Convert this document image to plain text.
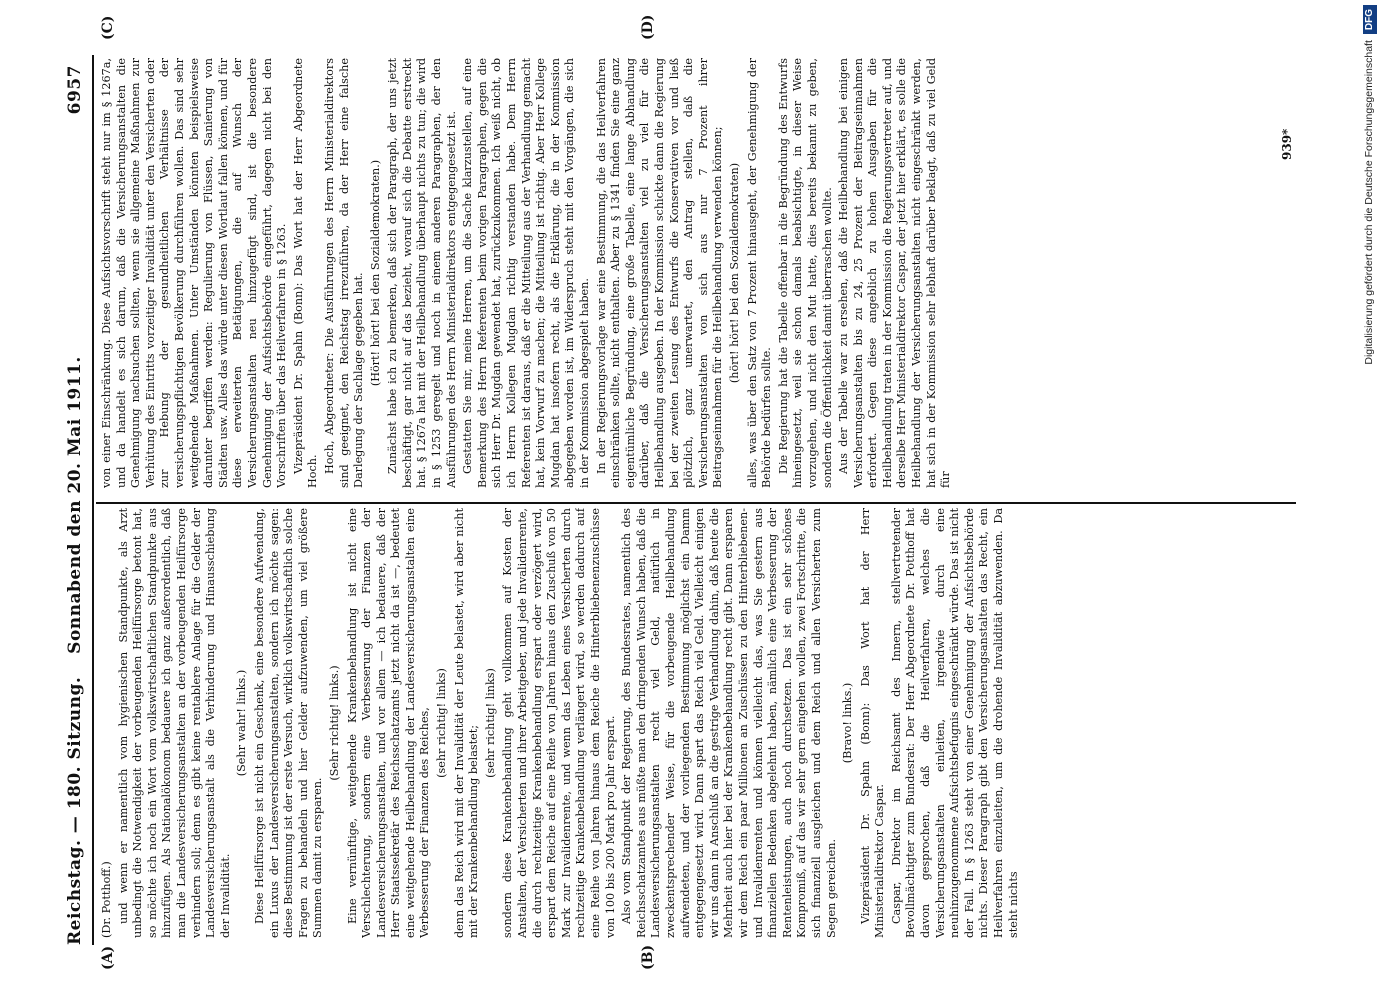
Reichstag. — 180. Sitzung.
Sonnabend den 20. Mai 1911.
6957
(A)	(B)
(C)	(D)

(Dr. Potthoff.) und wenn er namentlich vom hygienischen Standpunkte, als Arzt unbedingt die Notwendigkeit der vorbeugenden Heilfürsorge betont hat, so möchte ich noch ein Wort vom volkswirtschaftlichen Standpunkte aus hinzufügen. Als Nationalökonom bedauere ich ganz außerordentlich, daß man die Landesversicherungsanstalten an der vorbeugenden Heilfürsorge verhindern soll; denn es gibt keine rentablere Anlage für die Gelder der Landesversicherungsanstalt als die Verhinderung und Hinausschiebung der Invalidität.

(Sehr wahr! links.) Diese Heilfürsorge ist nicht ein Geschenk, eine besondere Aufwendung, ein Luxus der Landesversicherungsanstalten, sondern ich möchte sagen: diese Bestimmung ist der erste Versuch, wirklich volkswirtschaftlich solche Fragen zu behandeln und hier Gelder aufzuwenden, um viel größere Summen damit zu ersparen.

(Sehr richtig! links.) Eine vernünftige, weitgehende Krankenbehandlung ist nicht eine Verschlechterung, sondern eine Verbesserung der Finanzen der Landesversicherungsanstalten, und vor allem — ich bedauere, daß der Herr Staatssekretär des Reichsschatzamts jetzt nicht da ist —, bedeutet eine weitgehende Heilbehandlung der Landesversicherungsanstalten eine Verbesserung der Finanzen des Reiches, (sehr richtig! links) denn das Reich wird mit der Invalidität der Leute belastet, wird aber nicht mit der Krankenbehandlung belastet;

(sehr richtig! links) sondern diese Krankenbehandlung geht vollkommen auf Kosten der Anstalten, der Versicherten und ihrer Arbeitgeber, und jede Invalidenrente, die durch rechtzeitige Krankenbehandlung erspart oder verzögert wird, erspart dem Reiche auf eine Reihe von Jahren hinaus den Zuschuß von 50 Mark zur Invalidenrente, und wenn das Leben eines Versicherten durch rechtzeitige Krankenbehandlung verlängert wird, so werden dadurch auf eine Reihe von Jahren hinaus dem Reiche die Hinterbliebenenzuschüsse von 100 bis 200 Mark pro Jahr erspart. Also vom Standpunkt der Regierung, des Bundesrates, namentlich des Reichsschatzamtes aus müßte man den dringenden Wunsch haben, daß die Landesversicherungsanstalten recht viel Geld, natürlich in zweckentsprechender Weise, für die vorbeugende Heilbehandlung aufwendeten, und der vorliegenden Bestimmung möglichst ein Damm entgegengesetzt wird. Dann spart das Reich viel Geld. Vielleicht einigen wir uns dann in Anschluß an die gestrige Verhandlung dahin, daß heute die Mehrheit auch hier bei der Krankenbehandlung recht gibt. Dann ersparen wir dem Reich ein paar Millionen an Zuschüssen zu den Hinterbliebenen- und Invalidenrenten und können vielleicht das, was Sie gestern aus finanziellen Bedenken abgelehnt haben, nämlich eine Verbesserung der Rentenleistungen, auch noch durchsetzen. Das ist ein sehr schönes Kompromiß, auf das wir sehr gern eingehen wollen, zwei Fortschritte, die sich finanziell ausgleichen und dem Reich und allen Versicherten zum Segen gereichen.

(Bravo! links.) Vizepräsident Dr. Spahn (Bonn): Das Wort hat der Herr Ministerialdirektor Caspar. Caspar, Direktor im Reichsamt des Innern, stellvertretender Bevollmächtigter zum Bundesrat: Der Herr Abgeordnete Dr. Potthoff hat davon gesprochen, daß die Heilverfahren, welches die Versicherungsanstalten einleiten, irgendwie durch eine neuhinzugenommene Aufsichtsbefugnis eingeschränkt würde. Das ist nicht der Fall. In § 1263 steht von einer Genehmigung der Aufsichtsbehörde nichts. Dieser Paragraph gibt den Versicherungsanstalten das Recht, ein Heilverfahren einzuleiten, um die drohende Invalidität abzuwenden. Da steht nichts

von einer Einschränkung. Diese Aufsichtsvorschrift steht nur im § 1267a, und da handelt es sich darum, daß die Versicherungsanstalten die Genehmigung nachsuchen sollten, wenn sie allgemeine Maßnahmen zur Verhütung des Eintritts vorzeitiger Invalidität unter den Versicherten oder zur Hebung der gesundheitlichen Verhältnisse der versicherungspflichtigen Bevölkerung durchführen wollen. Das sind sehr weitgehende Maßnahmen. Unter Umständen könnten beispielsweise darunter begriffen werden: Regulierung von Flüssen, Sanierung von Städten usw. Alles das würde unter diesen Wortlaut fallen können, und für diese erweiterten Betätigungen, die auf Wunsch der Versicherungsanstalten neu hinzugefügt sind, ist die besondere Genehmigung der Aufsichtsbehörde eingeführt, dagegen nicht bei den Vorschriften über das Heilverfahren in § 1263. Vizepräsident Dr. Spahn (Bonn): Das Wort hat der Herr Abgeordnete Hoch. Hoch, Abgeordneter: Die Ausführungen des Herrn Ministerialdirektors sind geeignet, den Reichstag irrezuführen, da der Herr eine falsche Darlegung der Sachlage gegeben hat. (Hört! hört! bei den Sozialdemokraten.) Zunächst habe ich zu bemerken, daß sich der Paragraph, der uns jetzt beschäftigt, gar nicht auf das bezieht, worauf sich die Debatte erstreckt hat. § 1267a hat mit der Heilbehandlung überhaupt nichts zu tun; die wird in § 1253 geregelt und noch in einem anderen Paragraphen, der den Ausführungen des Herrn Ministerialdirektors entgegengesetzt ist. Gestatten Sie mir, meine Herren, um die Sache klarzustellen, auf eine Bemerkung des Herrn Referenten beim vorigen Paragraphen, gegen die sich Herr Dr. Mugdan gewendet hat, zurückzukommen. Ich weiß nicht, ob ich Herrn Kollegen Mugdan richtig verstanden habe. Dem Herrn Referenten ist daraus, daß er die Mitteilung aus der Verhandlung gemacht hat, kein Vorwurf zu machen; die Mitteilung ist richtig. Aber Herr Kollege Mugdan hat insofern recht, als die Erklärung, die in der Kommission abgegeben worden ist, im Widerspruch steht mit den Vorgängen, die sich in der Kommission abgespielt haben. In der Regierungsvorlage war eine Bestimmung, die das Heilverfahren einschränken sollte, nicht enthalten. Aber zu § 1341 finden Sie eine ganz eigentümliche Begründung, eine große Tabelle, eine lange Abhandlung darüber, daß die Versicherungsanstalten viel zu viel für die Heilbehandlung ausgeben. In der Kommission schickte dann die Regierung bei der zweiten Lesung des Entwurfs die Konservativen vor und ließ plötzlich, ganz unerwartet, den Antrag stellen, daß die Versicherungsanstalten von sich aus nur 7 Prozent ihrer Beitragseinnahmen für die Heilbehandlung verwenden können; (hört! hört! bei den Sozialdemokraten) alles, was über den Satz von 7 Prozent hinausgeht, der Genehmigung der Behörde bedürfen sollte. Die Regierung hat die Tabelle offenbar in die Begründung des Entwurfs hineingesetzt, weil sie schon damals beabsichtigte, in dieser Weise vorzugehen, und nicht den Mut hatte, dies bereits bekannt zu geben, sondern die Öffentlichkeit damit überraschen wollte. Aus der Tabelle war zu ersehen, daß die Heilbehandlung bei einigen Versicherungsanstalten bis zu 24, 25 Prozent der Beitragseinnahmen erfordert. Gegen diese angeblich zu hohen Ausgaben für die Heilbehandlung traten in der Kommission die Regierungsvertreter auf, und derselbe Herr Ministerialdirektor Caspar, der jetzt hier erklärt, es solle die Heilbehandlung der Versicherungsanstalten nicht eingeschränkt werden, hat sich in der Kommission sehr lebhaft darüber beklagt, daß zu viel Geld für

939*	Digitalisierung gefördert durch die Deutsche ForschungsgemeinschaftDFG
